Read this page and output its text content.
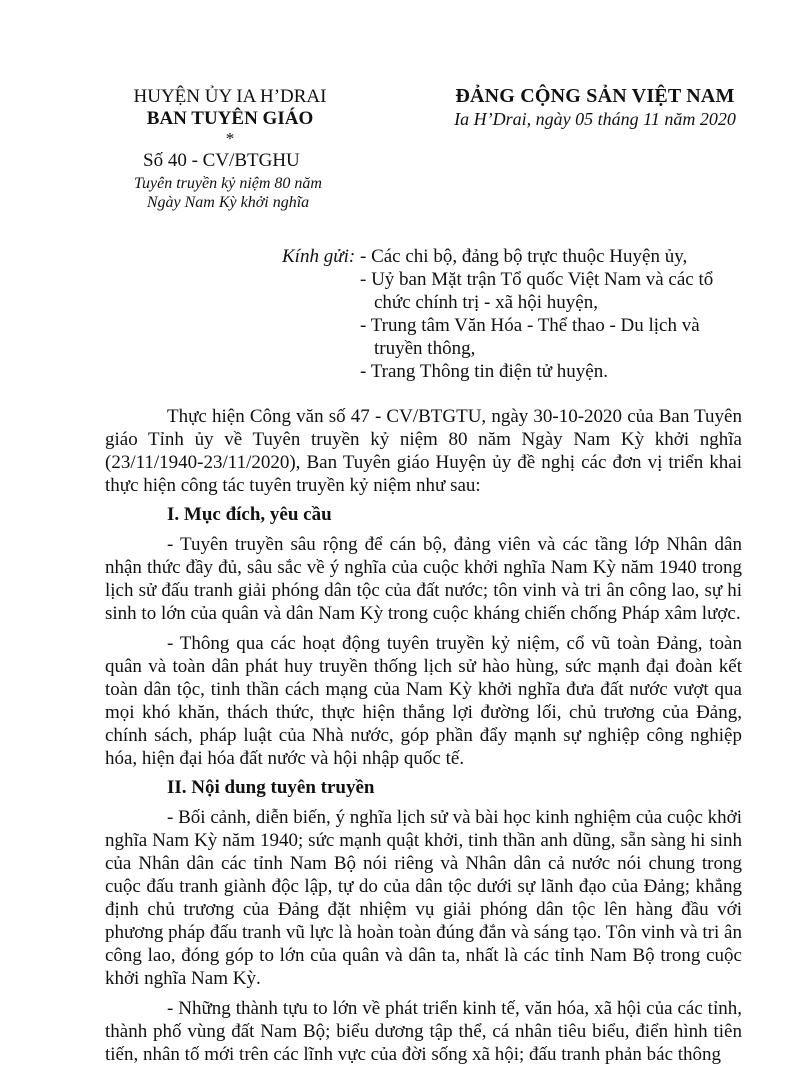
HUYỆN ỦY IA H’DRAI
BAN TUYÊN GIÁO
*
ĐẢNG CỘNG SẢN VIỆT NAM
Ia H’Drai, ngày 05 tháng 11 năm 2020
Số 40 - CV/BTGHU
Tuyên truyền kỷ niệm 80 năm
Ngày Nam Kỳ khởi nghĩa
Kính gửi: - Các chi bộ, đảng bộ trực thuộc Huyện ủy,
- Uỷ ban Mặt trận Tổ quốc Việt Nam và các tổ chức chính trị - xã hội huyện,
- Trung tâm Văn Hóa - Thể thao - Du lịch và truyền thông,
- Trang Thông tin điện tử huyện.

Thực hiện Công văn số 47 - CV/BTGTU, ngày 30-10-2020 của Ban Tuyên giáo Tỉnh ủy về Tuyên truyền kỷ niệm 80 năm Ngày Nam Kỳ khởi nghĩa (23/11/1940-23/11/2020), Ban Tuyên giáo Huyện ủy đề nghị các đơn vị triển khai thực hiện công tác tuyên truyền kỷ niệm như sau:

I. Mục đích, yêu cầu

- Tuyên truyền sâu rộng để cán bộ, đảng viên và các tầng lớp Nhân dân nhận thức đầy đủ, sâu sắc về ý nghĩa của cuộc khởi nghĩa Nam Kỳ năm 1940 trong lịch sử đấu tranh giải phóng dân tộc của đất nước; tôn vinh và tri ân công lao, sự hi sinh to lớn của quân và dân Nam Kỳ trong cuộc kháng chiến chống Pháp xâm lược.

- Thông qua các hoạt động tuyên truyền kỷ niệm, cổ vũ toàn Đảng, toàn quân và toàn dân phát huy truyền thống lịch sử hào hùng, sức mạnh đại đoàn kết toàn dân tộc, tinh thần cách mạng của Nam Kỳ khởi nghĩa đưa đất nước vượt qua mọi khó khăn, thách thức, thực hiện thắng lợi đường lối, chủ trương của Đảng, chính sách, pháp luật của Nhà nước, góp phần đẩy mạnh sự nghiệp công nghiệp hóa, hiện đại hóa đất nước và hội nhập quốc tế.

II. Nội dung tuyên truyền

- Bối cảnh, diễn biến, ý nghĩa lịch sử và bài học kinh nghiệm của cuộc khởi nghĩa Nam Kỳ năm 1940; sức mạnh quật khởi, tinh thần anh dũng, sẵn sàng hi sinh của Nhân dân các tỉnh Nam Bộ nói riêng và Nhân dân cả nước nói chung trong cuộc đấu tranh giành độc lập, tự do của dân tộc dưới sự lãnh đạo của Đảng; khẳng định chủ trương của Đảng đặt nhiệm vụ giải phóng dân tộc lên hàng đầu với phương pháp đấu tranh vũ lực là hoàn toàn đúng đắn và sáng tạo. Tôn vinh và tri ân công lao, đóng góp to lớn của quân và dân ta, nhất là các tỉnh Nam Bộ trong cuộc khởi nghĩa Nam Kỳ.

- Những thành tựu to lớn về phát triển kinh tế, văn hóa, xã hội của các tỉnh, thành phố vùng đất Nam Bộ; biểu dương tập thể, cá nhân tiêu biểu, điển hình tiên tiến, nhân tố mới trên các lĩnh vực của đời sống xã hội; đấu tranh phản bác thông
